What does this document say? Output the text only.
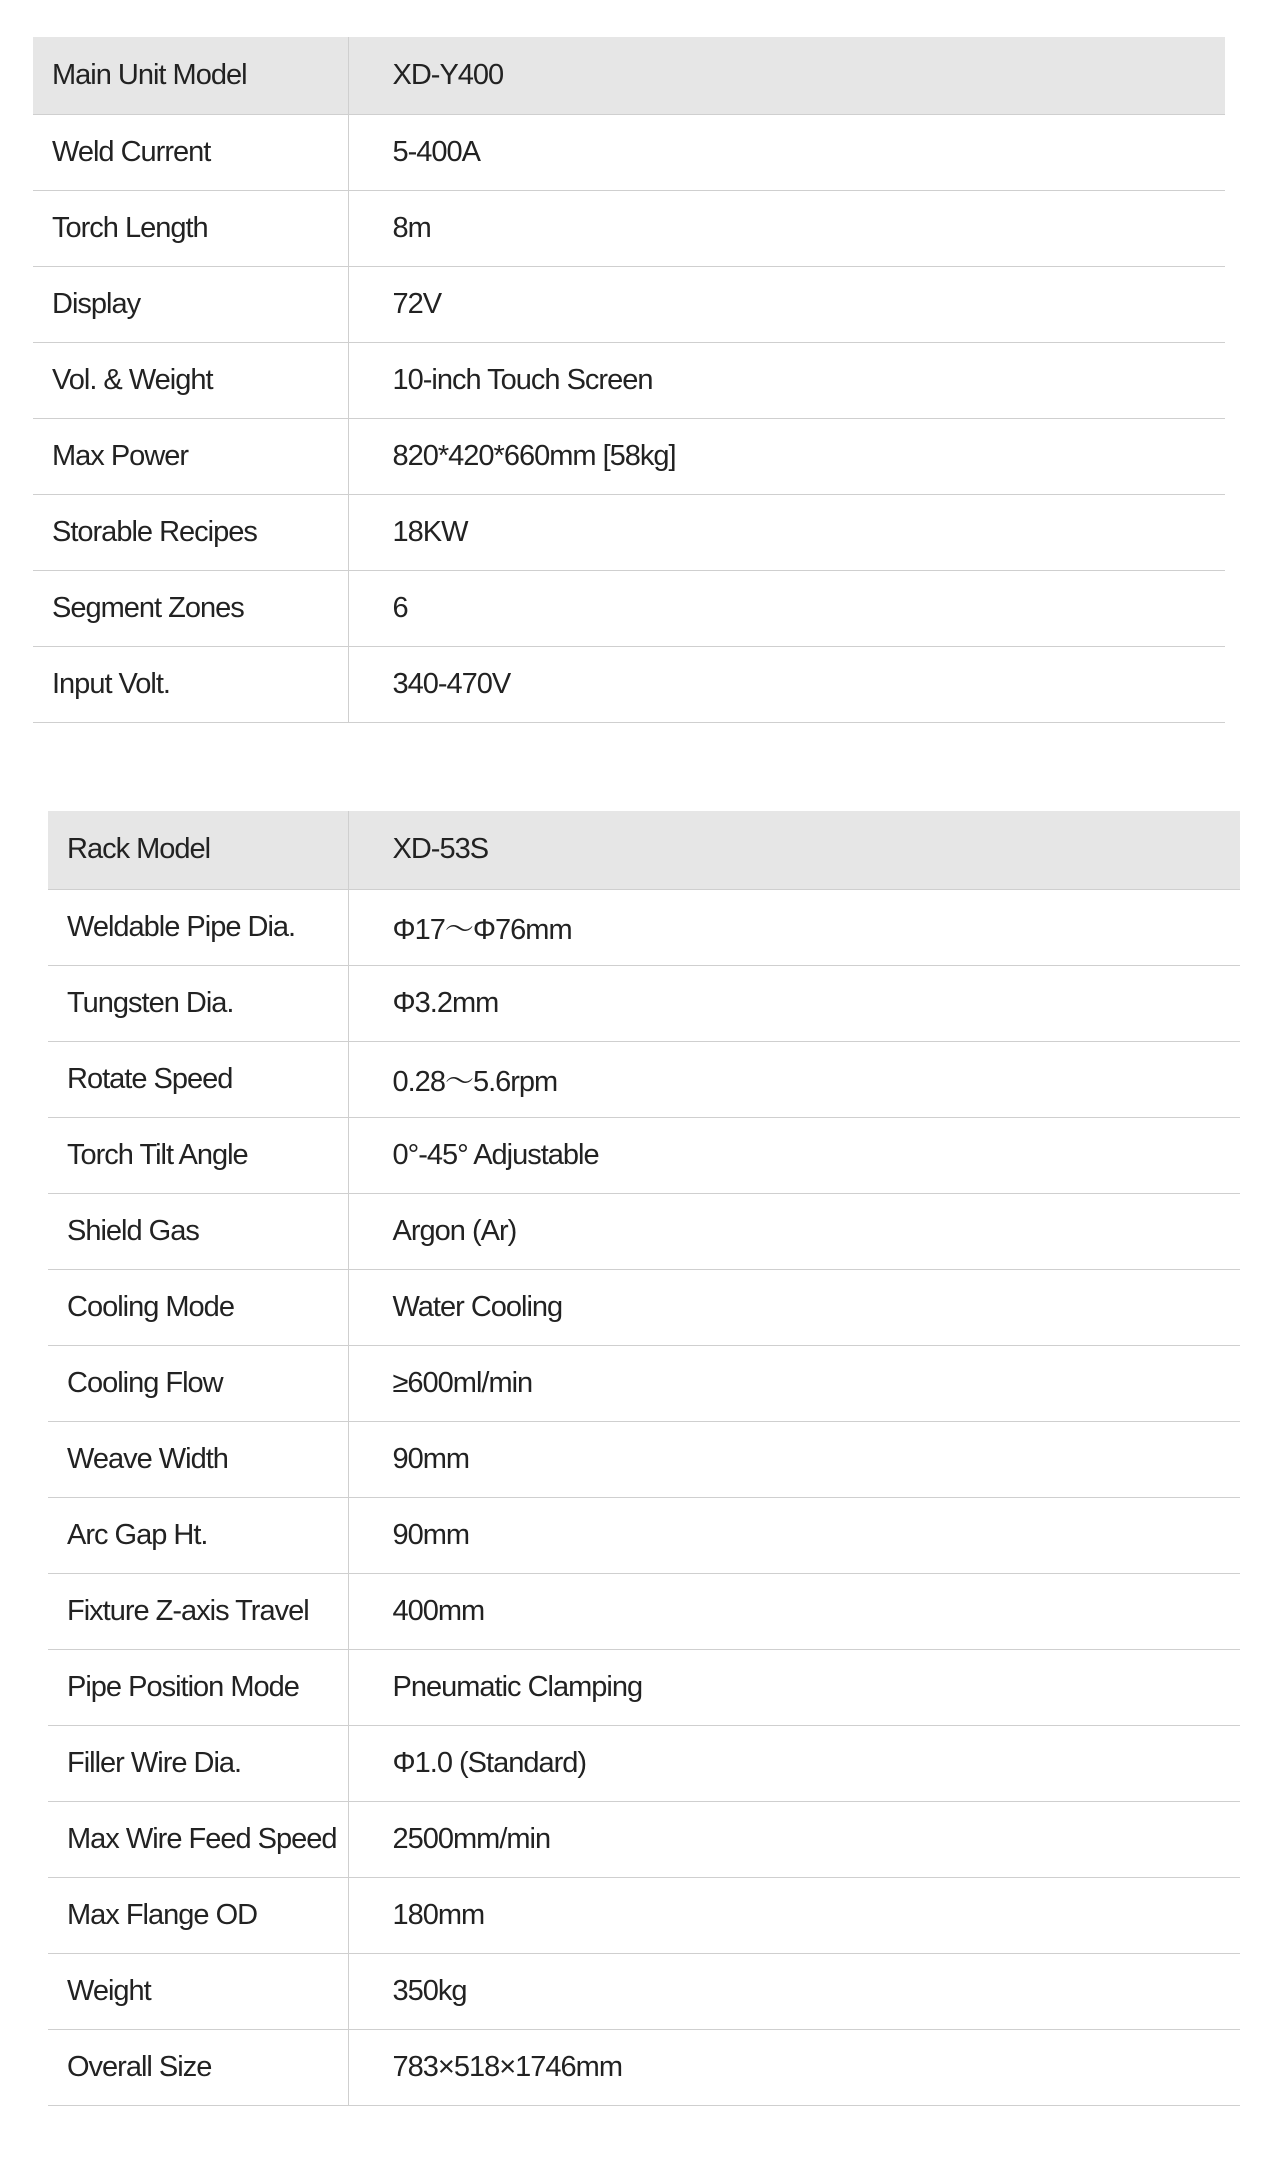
Main Unit Model	XD-Y400
Weld Current	5-400A
Torch Length	8m
Display	72V
Vol. & Weight	10-inch Touch Screen
Max Power	820*420*660mm [58kg]
Storable Recipes	18KW
Segment Zones	6
Input Volt.	340-470V
Rack Model	XD-53S
Weldable Pipe Dia.	Φ17～Φ76mm
Tungsten Dia.	Φ3.2mm
Rotate Speed	0.28～5.6rpm
Torch Tilt Angle	0°-45° Adjustable
Shield Gas	Argon (Ar)
Cooling Mode	Water Cooling
Cooling Flow	≥600ml/min
Weave Width	90mm
Arc Gap Ht.	90mm
Fixture Z-axis Travel	400mm
Pipe Position Mode	Pneumatic Clamping
Filler Wire Dia.	Φ1.0 (Standard)
Max Wire Feed Speed	2500mm/min
Max Flange OD	180mm
Weight	350kg
Overall Size	783×518×1746mm
